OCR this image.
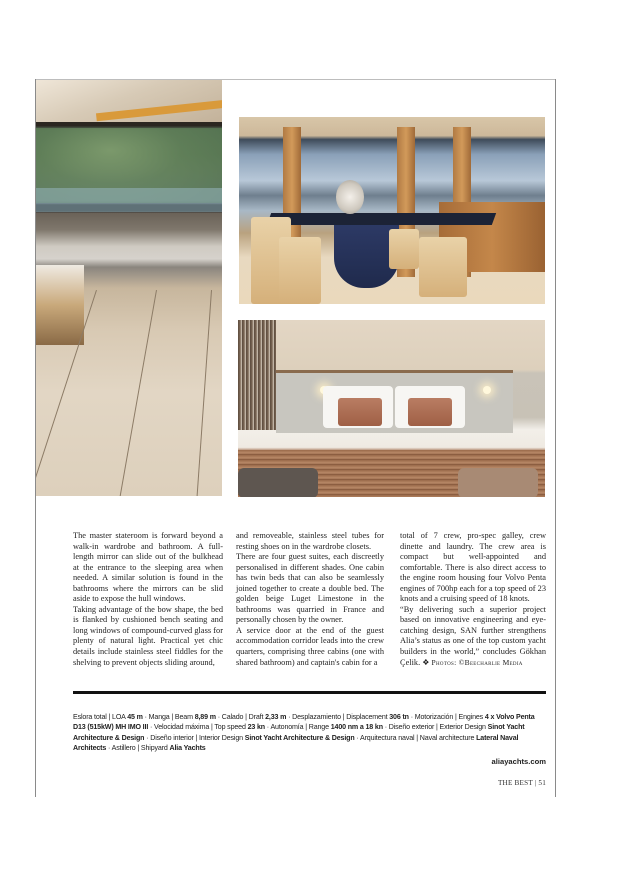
The master stateroom is forward beyond a walk-in wardrobe and bathroom. A full-length mirror can slide out of the bulkhead at the entrance to the sleeping area when needed. A similar solution is found in the bathrooms where the mirrors can be slid aside to expose the hull windows.

Taking advantage of the bow shape, the bed is flanked by cushioned bench seating and long windows of compound-curved glass for plenty of natural light. Practical yet chic details include stainless steel fiddles for the shelving to prevent objects sliding around,

and removeable, stainless steel tubes for resting shoes on in the wardrobe closets.

There are four guest suites, each discreetly personalised in different shades. One cabin has twin beds that can also be seamlessly joined together to create a double bed. The golden beige Luget Limestone in the bathrooms was quarried in France and personally chosen by the owner.

A service door at the end of the guest accommodation corridor leads into the crew quarters, comprising three cabins (one with shared bathroom) and captain's cabin for a

total of 7 crew, pro-spec galley, crew dinette and laundry. The crew area is compact but well-appointed and comfortable. There is also direct access to the engine room housing four Volvo Penta engines of 700hp each for a top speed of 23 knots and a cruising speed of 18 knots.

“By delivering such a superior project based on innovative engineering and eye-catching design, SAN further strengthens Alia’s status as one of the top custom yacht builders in the world,” concludes Gökhan Çelik. ❖ Photos: ©Beecharlie Media

Eslora total | LOA 45 m · Manga | Beam 8,89 m · Calado | Draft 2,33 m · Desplazamiento | Displacement 306 tn · Motorización | Engines 4 x Volvo Penta D13 (515kW) MH IMO III · Velocidad máxima | Top speed 23 kn · Autonomía | Range 1400 nm a 18 kn · Diseño exterior | Exterior Design Sinot Yacht Architecture & Design · Diseño interior | Interior Design Sinot Yacht Architecture & Design · Arquitectura naval | Naval architecture Lateral Naval Architects · Astillero | Shipyard Alia Yachts
aliayachts.com
THE BEST | 51
